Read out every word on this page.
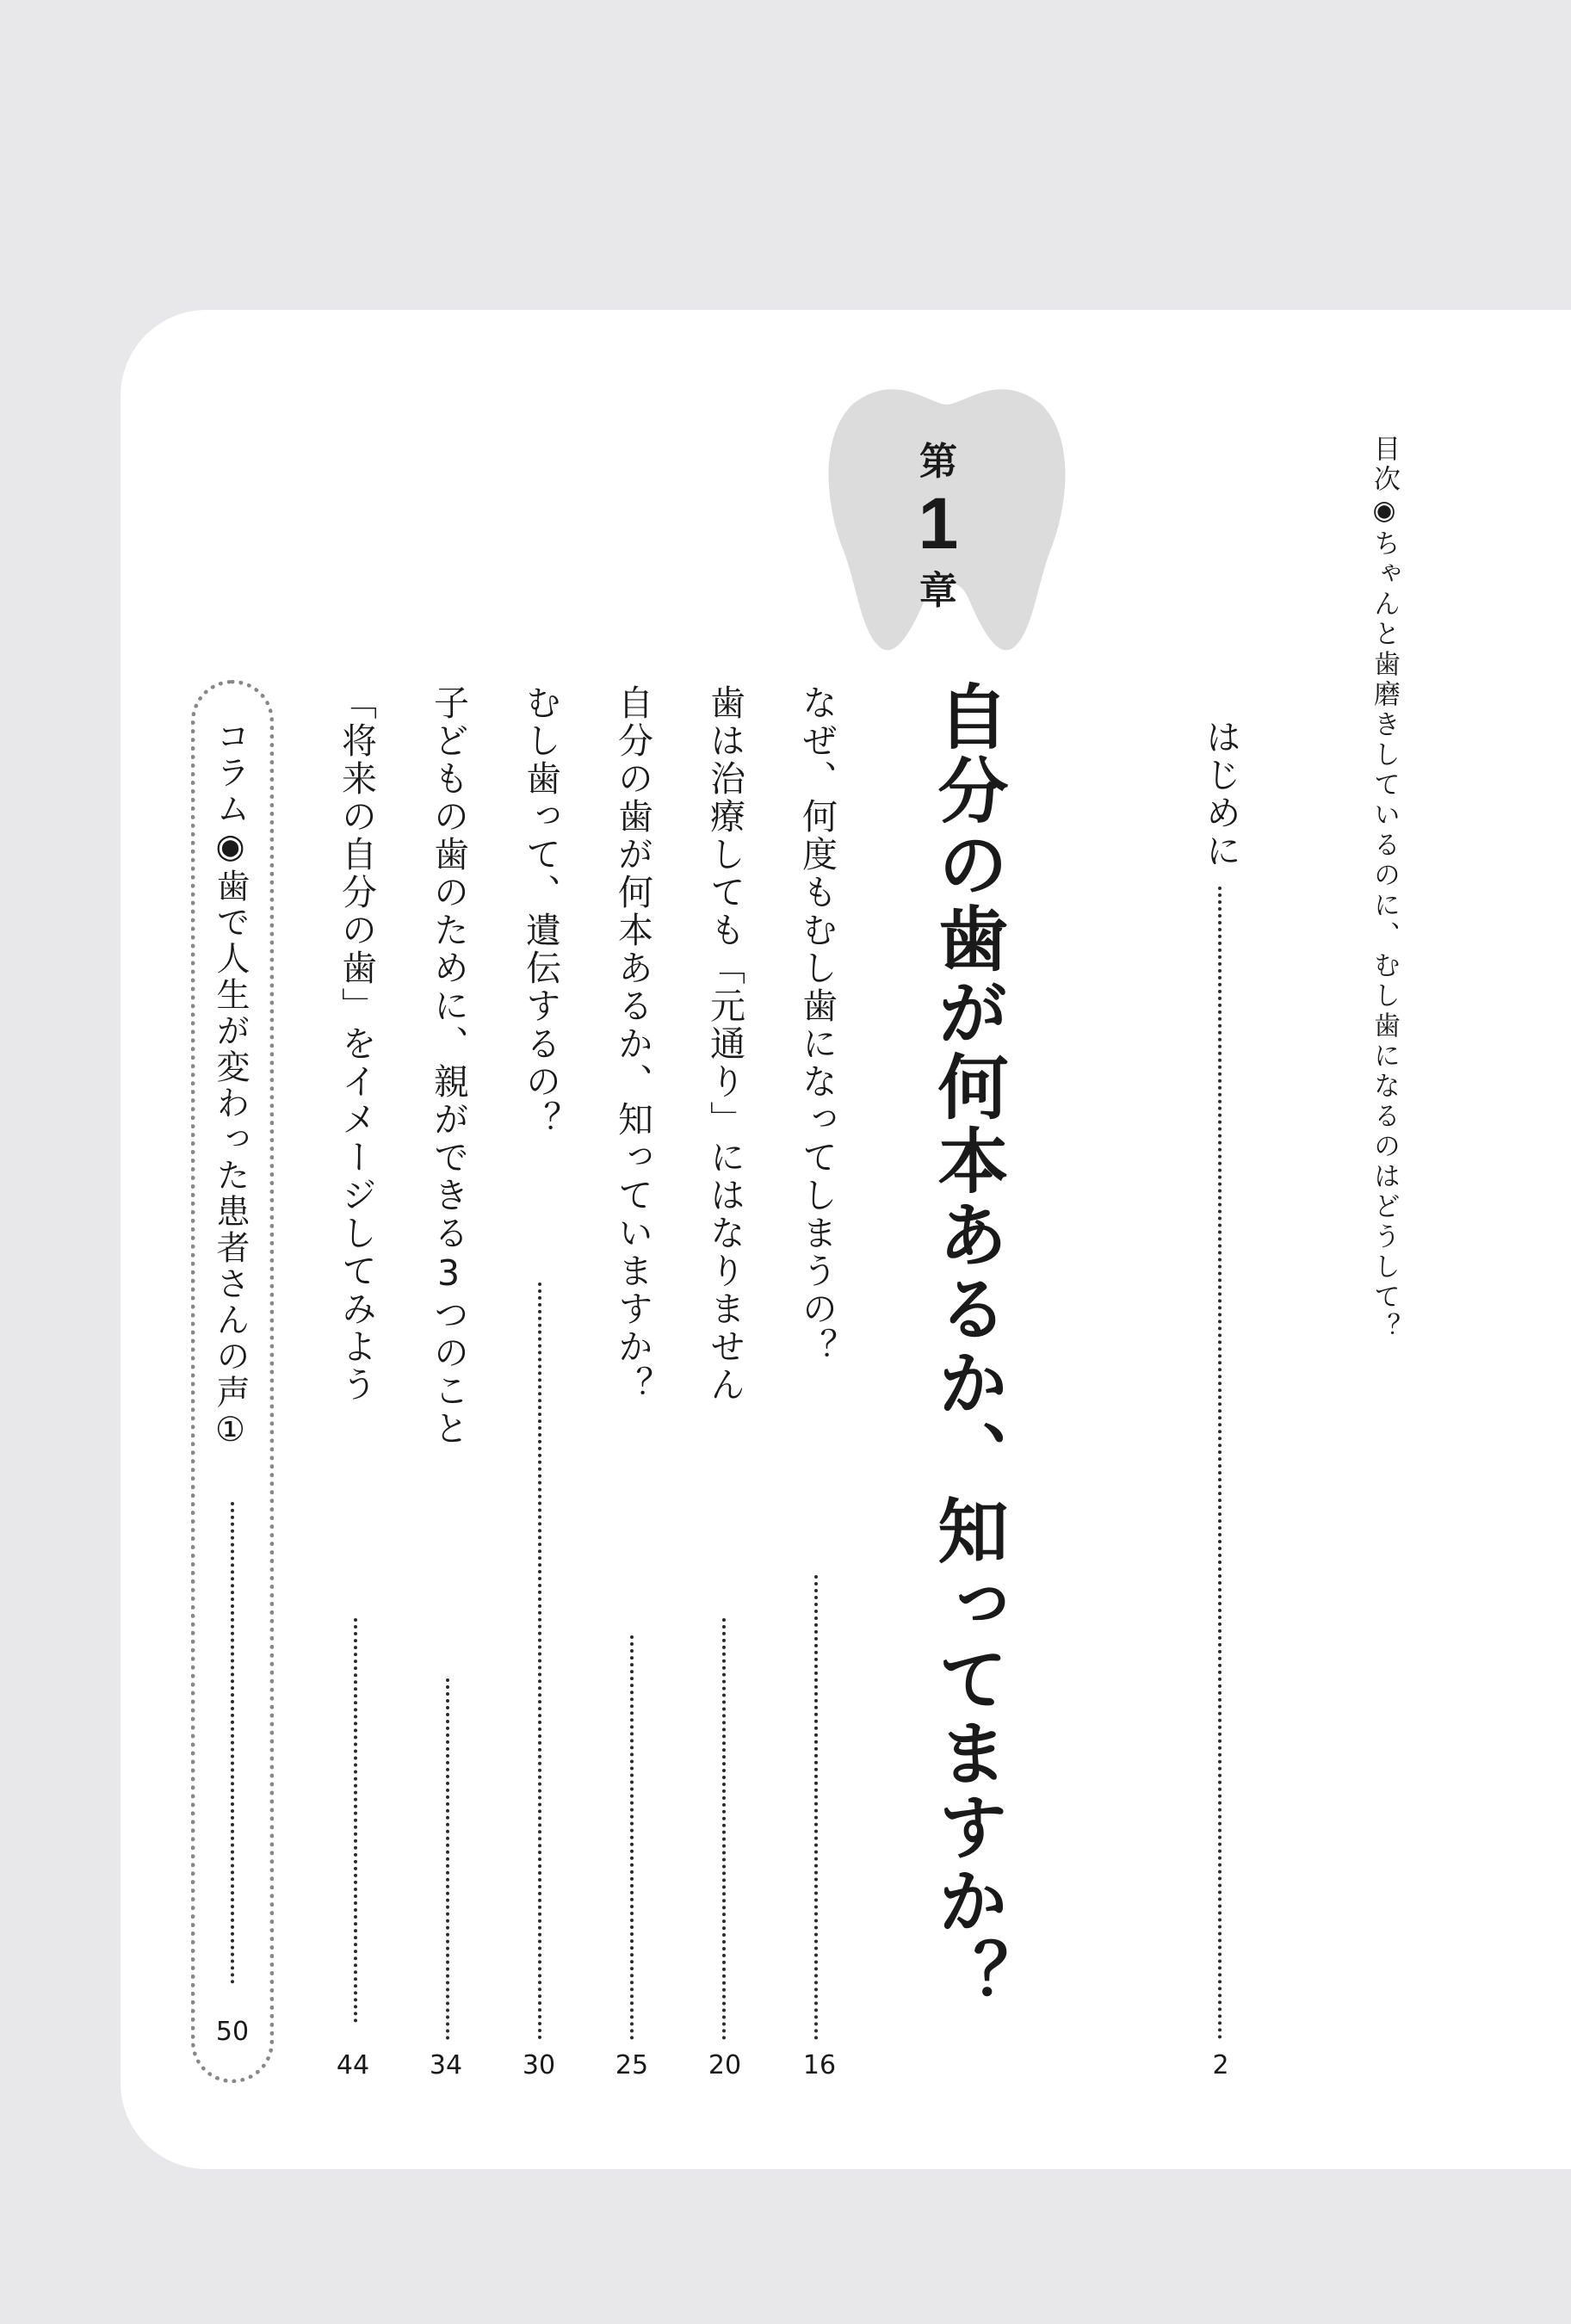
目次◉ちゃんと歯磨きしているのに、むし歯になるのはどうして？
はじめに
2
第
1
章
自分の歯が何本あるか、知ってますか？
なぜ、何度もむし歯になってしまうの？
16
歯は治療しても「元通り」にはなりません
20
自分の歯が何本あるか、知っていますか？
25
むし歯って、遺伝するの？
30
子どもの歯のために、親ができる3つのこと
34
「将来の自分の歯」をイメージしてみよう
44
コラム◉歯で人生が変わった患者さんの声①
50
